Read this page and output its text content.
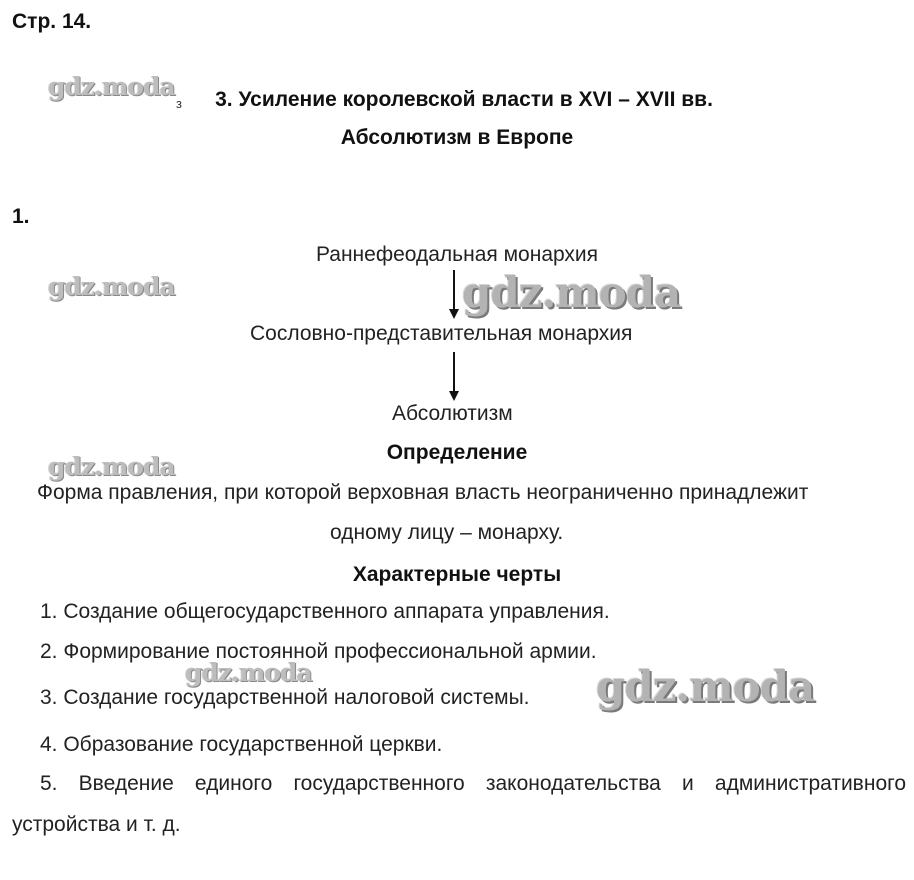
Стр. 14.
gdz.moda
з	3. Усиление королевской власти в XVI – XVII вв.
Абсолютизм в Европе
1.
Раннефеодальная монархия
Сословно-представительная монархия
Абсолютизм
gdz.moda	gdz.moda
gdz.moda	Определение
Форма правления, при которой верховная власть неограниченно принадлежит
одному лицу – монарху.
Характерные черты
1. Создание общегосударственного аппарата управления.
2. Формирование постоянной профессиональной армии.
gdz.moda
3. Создание государственной налоговой системы. gdz.moda
4. Образование государственной церкви.
5. Введение единого государственного законодательства и административного
устройства и т. д.
